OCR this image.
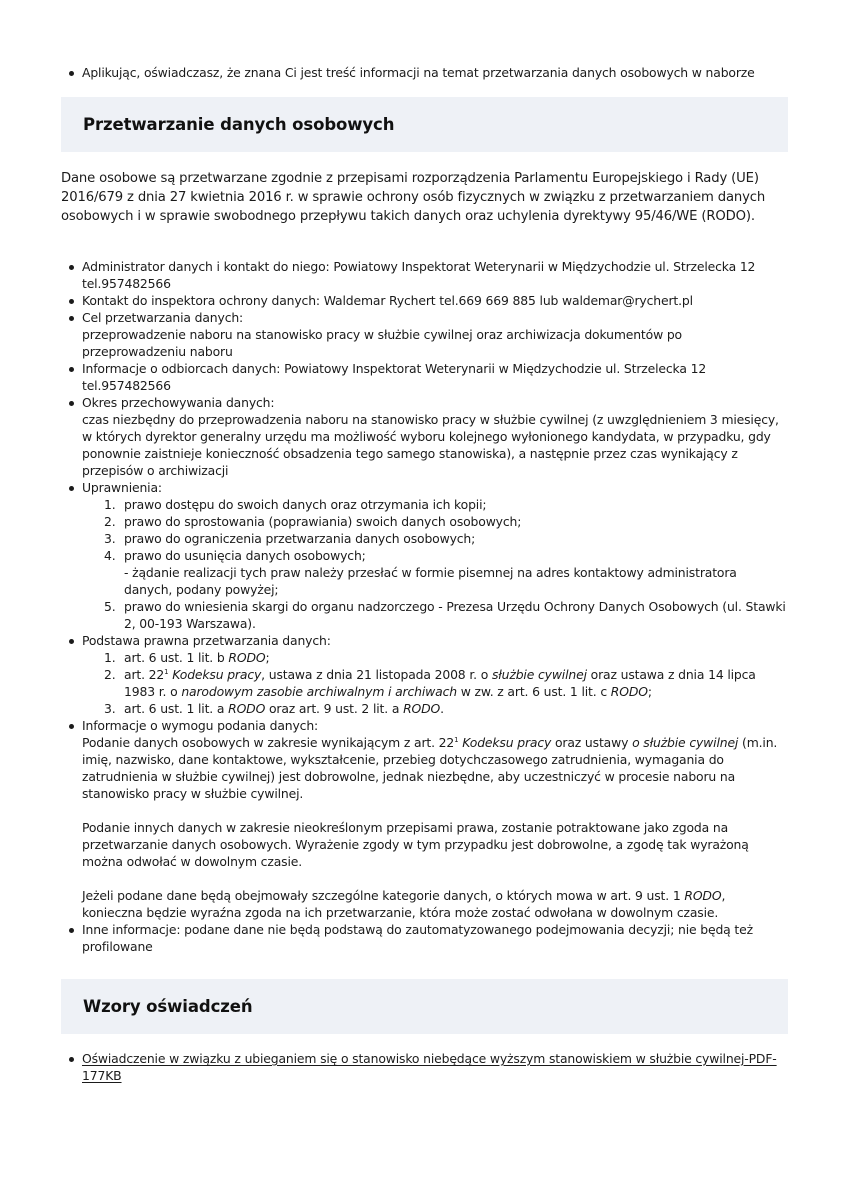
Aplikując, oświadczasz, że znana Ci jest treść informacji na temat przetwarzania danych osobowych w naborze
Przetwarzanie danych osobowych

Dane osobowe są przetwarzane zgodnie z przepisami rozporządzenia Parlamentu Europejskiego i Rady (UE) 2016/679 z dnia 27 kwietnia 2016 r. w sprawie ochrony osób fizycznych w związku z przetwarzaniem danych osobowych i w sprawie swobodnego przepływu takich danych oraz uchylenia dyrektywy 95/46/WE (RODO).

Administrator danych i kontakt do niego: Powiatowy Inspektorat Weterynarii w Międzychodzie ul. Strzelecka 12 tel.957482566
Kontakt do inspektora ochrony danych: Waldemar Rychert tel.669 669 885 lub waldemar@rychert.pl
Cel przetwarzania danych:
przeprowadzenie naboru na stanowisko pracy w służbie cywilnej oraz archiwizacja dokumentów po przeprowadzeniu naboru
Informacje o odbiorcach danych: Powiatowy Inspektorat Weterynarii w Międzychodzie ul. Strzelecka 12 tel.957482566
Okres przechowywania danych:
czas niezbędny do przeprowadzenia naboru na stanowisko pracy w służbie cywilnej (z uwzględnieniem 3 miesięcy, w których dyrektor generalny urzędu ma możliwość wyboru kolejnego wyłonionego kandydata, w przypadku, gdy ponownie zaistnieje konieczność obsadzenia tego samego stanowiska), a następnie przez czas wynikający z przepisów o archiwizacji
Uprawnienia:
1. prawo dostępu do swoich danych oraz otrzymania ich kopii;
2. prawo do sprostowania (poprawiania) swoich danych osobowych;
3. prawo do ograniczenia przetwarzania danych osobowych;
4. prawo do usunięcia danych osobowych;
- żądanie realizacji tych praw należy przesłać w formie pisemnej na adres kontaktowy administratora danych, podany powyżej;
5. prawo do wniesienia skargi do organu nadzorczego - Prezesa Urzędu Ochrony Danych Osobowych (ul. Stawki 2, 00-193 Warszawa).
Podstawa prawna przetwarzania danych:
1. art. 6 ust. 1 lit. b RODO;
2. art. $22^1$ Kodeksu pracy, ustawa z dnia 21 listopada 2008 r. o służbie cywilnej oraz ustawa z dnia 14 lipca 1983 r. o narodowym zasobie archiwalnym i archiwach w zw. z art. 6 ust. 1 lit. c RODO;
3. art. 6 ust. 1 lit. a RODO oraz art. 9 ust. 2 lit. a RODO.
Informacje o wymogu podania danych:
Podanie danych osobowych w zakresie wynikającym z art. $22^1$ Kodeksu pracy oraz ustawy o służbie cywilnej (m.in. imię, nazwisko, dane kontaktowe, wykształcenie, przebieg dotychczasowego zatrudnienia, wymagania do zatrudnienia w służbie cywilnej) jest dobrowolne, jednak niezbędne, aby uczestniczyć w procesie naboru na stanowisko pracy w służbie cywilnej.
Podanie innych danych w zakresie nieokreślonym przepisami prawa, zostanie potraktowane jako zgoda na przetwarzanie danych osobowych. Wyrażenie zgody w tym przypadku jest dobrowolne, a zgodę tak wyrażoną można odwołać w dowolnym czasie.
Jeżeli podane dane będą obejmowały szczególne kategorie danych, o których mowa w art. 9 ust. 1 RODO, konieczna będzie wyraźna zgoda na ich przetwarzanie, która może zostać odwołana w dowolnym czasie.
Inne informacje: podane dane nie będą podstawą do zautomatyzowanego podejmowania decyzji; nie będą też profilowane
Wzory oświadczeń
Oświadczenie w związku z ubieganiem się o stanowisko niebędące wyższym stanowiskiem w służbie cywilnej-PDF-177KB
